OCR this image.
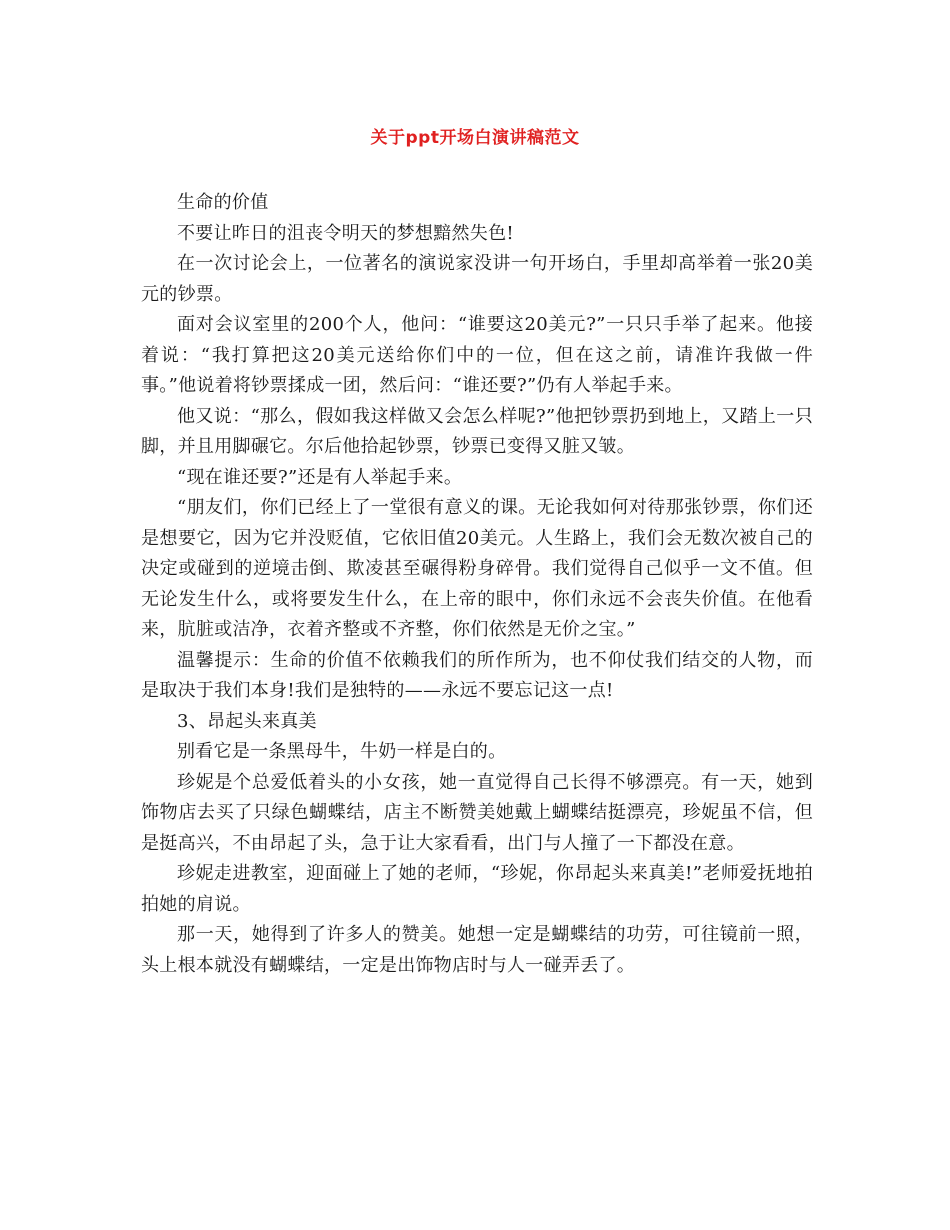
关于ppt开场白演讲稿范文

生命的价值

不要让昨日的沮丧令明天的梦想黯然失色!

在一次讨论会上，一位著名的演说家没讲一句开场白，手里却高举着一张20美元的钞票。

面对会议室里的200个人，他问：“谁要这20美元?”一只只手举了起来。他接着说：“我打算把这20美元送给你们中的一位，但在这之前，请准许我做一件事。”他说着将钞票揉成一团，然后问：“谁还要?”仍有人举起手来。

他又说：“那么，假如我这样做又会怎么样呢?”他把钞票扔到地上，又踏上一只脚，并且用脚碾它。尔后他拾起钞票，钞票已变得又脏又皱。

“现在谁还要?”还是有人举起手来。

“朋友们，你们已经上了一堂很有意义的课。无论我如何对待那张钞票，你们还是想要它，因为它并没贬值，它依旧值20美元。人生路上，我们会无数次被自己的决定或碰到的逆境击倒、欺凌甚至碾得粉身碎骨。我们觉得自己似乎一文不值。但无论发生什么，或将要发生什么，在上帝的眼中，你们永远不会丧失价值。在他看来，肮脏或洁净，衣着齐整或不齐整，你们依然是无价之宝。”

温馨提示：生命的价值不依赖我们的所作所为，也不仰仗我们结交的人物，而是取决于我们本身!我们是独特的——永远不要忘记这一点!

3、昂起头来真美

别看它是一条黑母牛，牛奶一样是白的。

珍妮是个总爱低着头的小女孩，她一直觉得自己长得不够漂亮。有一天，她到饰物店去买了只绿色蝴蝶结，店主不断赞美她戴上蝴蝶结挺漂亮，珍妮虽不信，但是挺高兴，不由昂起了头，急于让大家看看，出门与人撞了一下都没在意。

珍妮走进教室，迎面碰上了她的老师，“珍妮，你昂起头来真美!”老师爱抚地拍拍她的肩说。

那一天，她得到了许多人的赞美。她想一定是蝴蝶结的功劳，可往镜前一照，头上根本就没有蝴蝶结，一定是出饰物店时与人一碰弄丢了。
